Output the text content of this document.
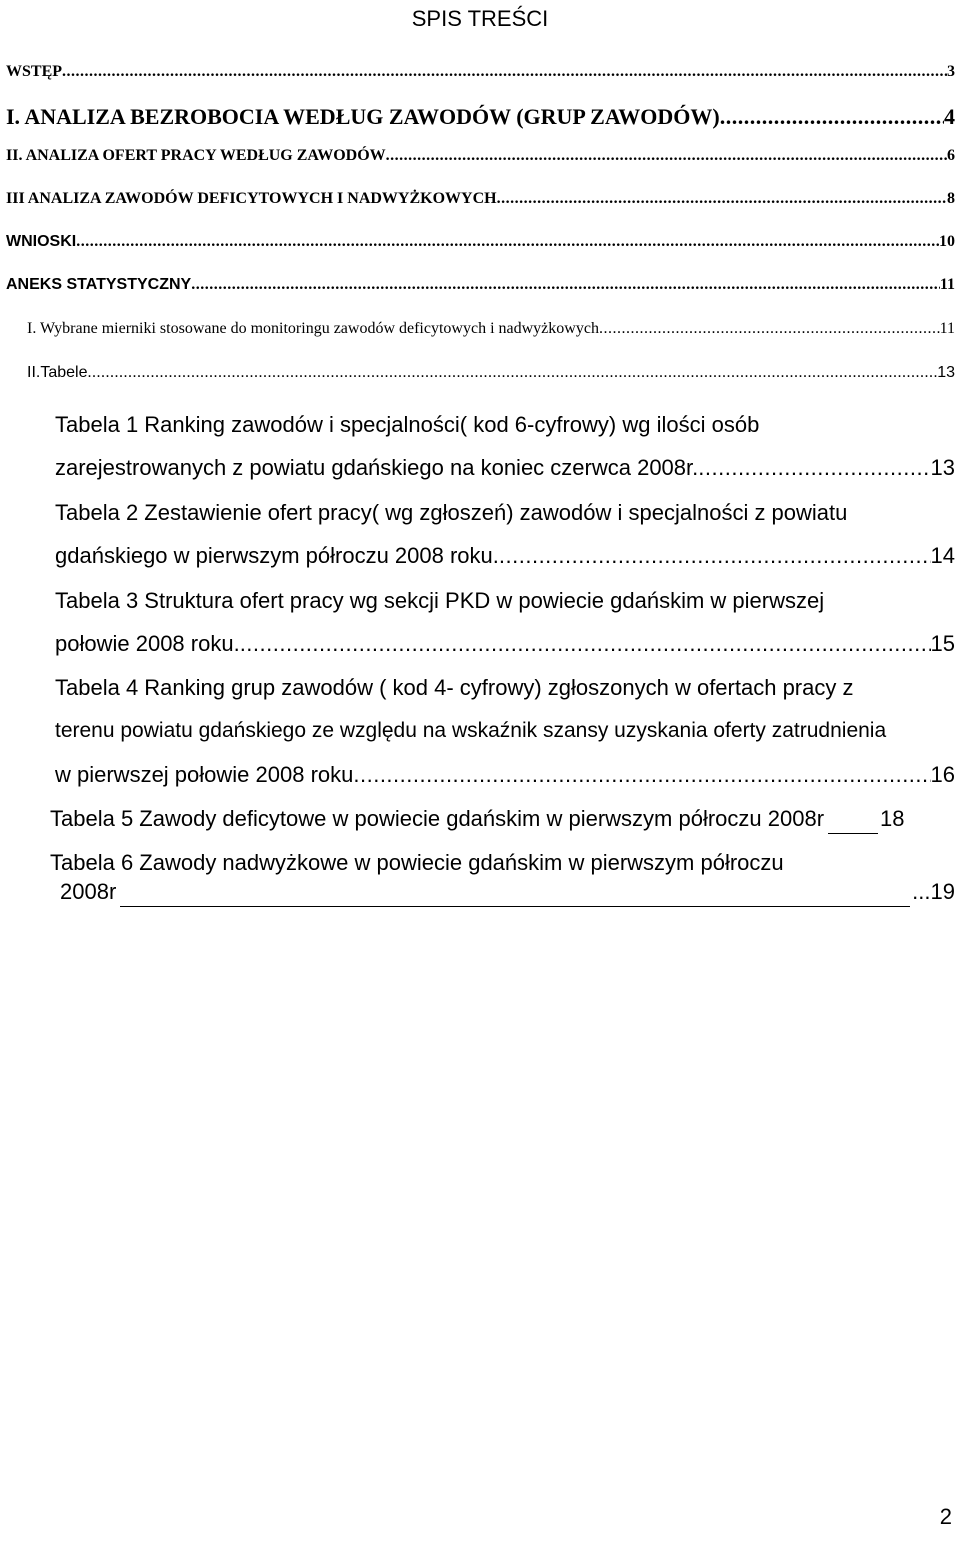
SPIS TREŚCI
WSTĘP .....	3
I. ANALIZA BEZROBOCIA WEDŁUG ZAWODÓW (GRUP ZAWODÓW) .....	4
II. ANALIZA OFERT PRACY WEDŁUG ZAWODÓW .....	6
III ANALIZA ZAWODÓW DEFICYTOWYCH I NADWYŻKOWYCH .....	8
WNIOSKI .....	10
ANEKS STATYSTYCZNY .....	11
I. Wybrane mierniki stosowane do monitoringu zawodów deficytowych i nadwyżkowych .....	11
II.Tabele .....	13
Tabela 1 Ranking zawodów i specjalności( kod 6-cyfrowy) wg ilości osób
zarejestrowanych z powiatu gdańskiego na koniec czerwca 2008r. .....	13
Tabela 2 Zestawienie ofert pracy( wg zgłoszeń) zawodów i specjalności z powiatu
gdańskiego w pierwszym półroczu 2008 roku. .....	14
Tabela 3 Struktura ofert pracy wg sekcji PKD w powiecie gdańskim w pierwszej
połowie 2008 roku. .....	15
Tabela 4 Ranking grup zawodów ( kod 4- cyfrowy) zgłoszonych w ofertach pracy z
terenu powiatu gdańskiego ze względu na wskaźnik szansy uzyskania oferty zatrudnienia
w pierwszej połowie 2008 roku .....	16
Tabela 5 Zawody deficytowe w powiecie gdańskim w pierwszym półroczu 2008r	18
Tabela 6 Zawody nadwyżkowe w powiecie gdańskim w pierwszym półroczu
2008r	...19
2
